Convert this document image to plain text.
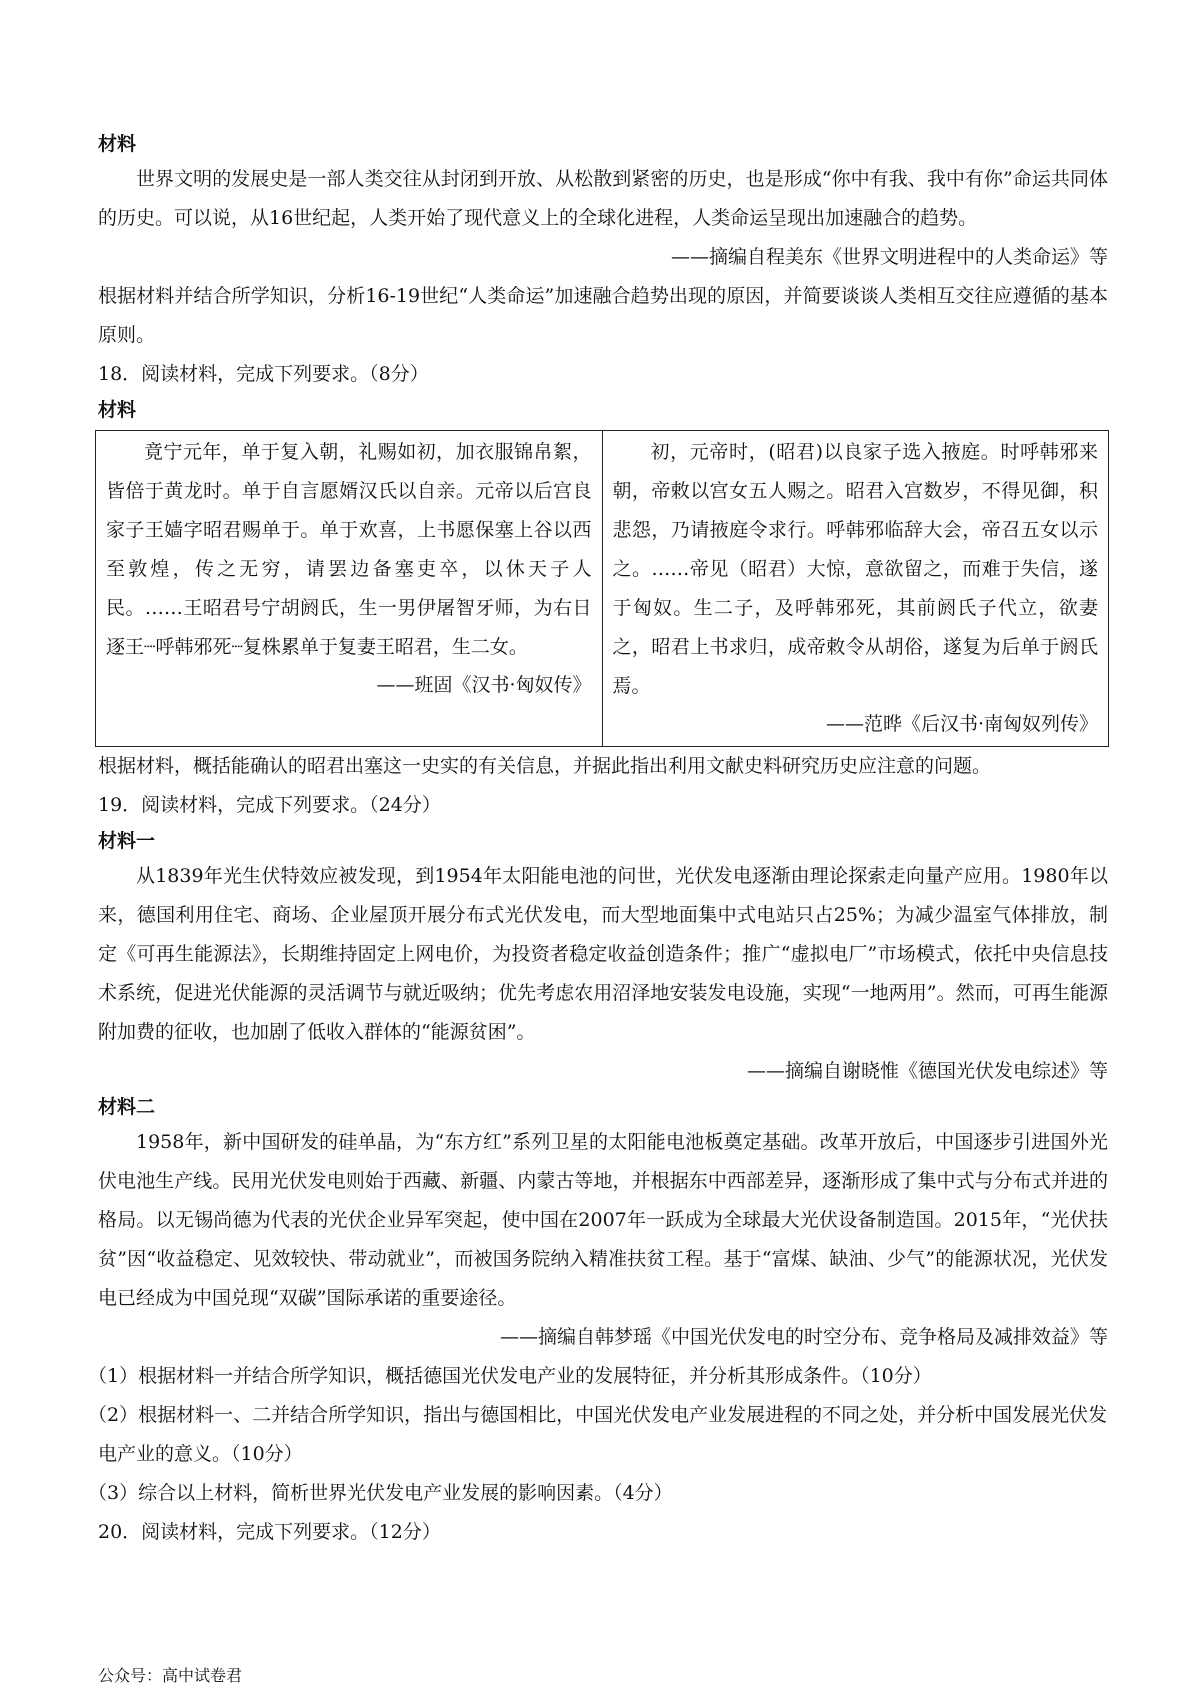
材料
世界文明的发展史是一部人类交往从封闭到开放、从松散到紧密的历史，也是形成“你中有我、我中有你”命运共同体的历史。可以说，从16世纪起，人类开始了现代意义上的全球化进程，人类命运呈现出加速融合的趋势。
——摘编自程美东《世界文明进程中的人类命运》等
根据材料并结合所学知识，分析16-19世纪“人类命运”加速融合趋势出现的原因，并简要谈谈人类相互交往应遵循的基本原则。
18．阅读材料，完成下列要求。（8分）
材料
竟宁元年，单于复入朝，礼赐如初，加衣服锦帛絮，皆倍于黄龙时。单于自言愿婿汉氏以自亲。元帝以后宫良家子王嫱字昭君赐单于。单于欢喜，上书愿保塞上谷以西至敦煌，传之无穷，请罢边备塞吏卒，以休天子人民。……王昭君号宁胡阏氏，生一男伊屠智牙师，为右日逐王┈呼韩邪死┈复株累单于复妻王昭君，生二女。
——班固《汉书·匈奴传》

初，元帝时，(昭君)以良家子选入掖庭。时呼韩邪来朝，帝敕以宫女五人赐之。昭君入宫数岁，不得见御，积悲怨，乃请掖庭令求行。呼韩邪临辞大会，帝召五女以示之。……帝见（昭君）大惊，意欲留之，而难于失信，遂于匈奴。生二子，及呼韩邪死，其前阏氏子代立，欲妻之，昭君上书求归，成帝敕令从胡俗，遂复为后单于阏氏焉。
——范晔《后汉书·南匈奴列传》
根据材料，概括能确认的昭君出塞这一史实的有关信息，并据此指出利用文献史料研究历史应注意的问题。
19．阅读材料，完成下列要求。（24分）
材料一
从1839年光生伏特效应被发现，到1954年太阳能电池的问世，光伏发电逐渐由理论探索走向量产应用。1980年以来，德国利用住宅、商场、企业屋顶开展分布式光伏发电，而大型地面集中式电站只占25%；为减少温室气体排放，制定《可再生能源法》，长期维持固定上网电价，为投资者稳定收益创造条件；推广“虚拟电厂”市场模式，依托中央信息技术系统，促进光伏能源的灵活调节与就近吸纳；优先考虑农用沼泽地安装发电设施，实现“一地两用”。然而，可再生能源附加费的征收，也加剧了低收入群体的“能源贫困”。
——摘编自谢晓惟《德国光伏发电综述》等
材料二
1958年，新中国研发的硅单晶，为“东方红”系列卫星的太阳能电池板奠定基础。改革开放后，中国逐步引进国外光伏电池生产线。民用光伏发电则始于西藏、新疆、内蒙古等地，并根据东中西部差异，逐渐形成了集中式与分布式并进的格局。以无锡尚德为代表的光伏企业异军突起，使中国在2007年一跃成为全球最大光伏设备制造国。2015年，“光伏扶贫”因“收益稳定、见效较快、带动就业”，而被国务院纳入精准扶贫工程。基于“富煤、缺油、少气”的能源状况，光伏发电已经成为中国兑现“双碳”国际承诺的重要途径。
——摘编自韩梦瑶《中国光伏发电的时空分布、竞争格局及减排效益》等
（1）根据材料一并结合所学知识，概括德国光伏发电产业的发展特征，并分析其形成条件。（10分）
（2）根据材料一、二并结合所学知识，指出与德国相比，中国光伏发电产业发展进程的不同之处，并分析中国发展光伏发电产业的意义。（10分）
（3）综合以上材料，简析世界光伏发电产业发展的影响因素。（4分）
20．阅读材料，完成下列要求。（12分）
公众号：高中试卷君
